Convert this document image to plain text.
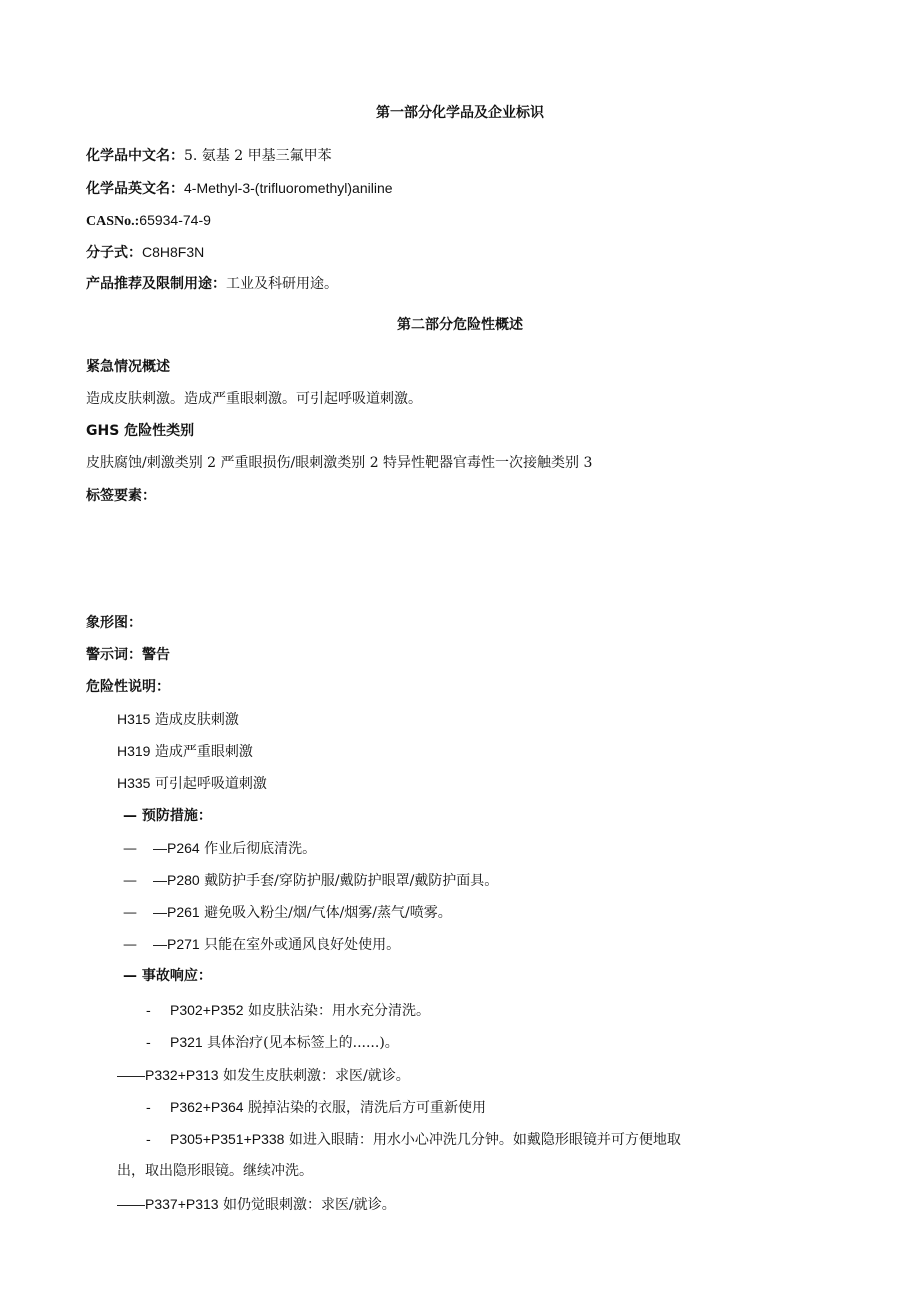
第一部分化学品及企业标识
化学品中文名：5. 氨基 2 甲基三氟甲苯
化学品英文名：4-Methyl-3-(trifluoromethyl)aniline
CASNo.:65934-74-9
分子式：C8H8F3N
产品推荐及限制用途：工业及科研用途。
第二部分危险性概述
紧急情况概述
造成皮肤刺激。造成严重眼刺激。可引起呼吸道刺激。
GHS 危险性类别
皮肤腐蚀/刺激类别 2 严重眼损伤/眼刺激类别 2 特异性靶器官毒性一次接触类别 3
标签要素：
象形图：
警示词：警告
危险性说明：
H315 造成皮肤刺激
H319 造成严重眼刺激
H335 可引起呼吸道刺激
— 预防措施：
— —P264 作业后彻底清洗。
— —P280 戴防护手套/穿防护服/戴防护眼罩/戴防护面具。
— —P261 避免吸入粉尘/烟/气体/烟雾/蒸气/喷雾。
— —P271 只能在室外或通风良好处使用。
— 事故响应：
- P302+P352 如皮肤沾染：用水充分清洗。
- P321 具体治疗(见本标签上的......)。
——P332+P313 如发生皮肤刺激：求医/就诊。
- P362+P364 脱掉沾染的衣服，清洗后方可重新使用
- P305+P351+P338 如进入眼睛：用水小心冲洗几分钟。如戴隐形眼镜并可方便地取
出，取出隐形眼镜。继续冲洗。
——P337+P313 如仍觉眼刺激：求医/就诊。
